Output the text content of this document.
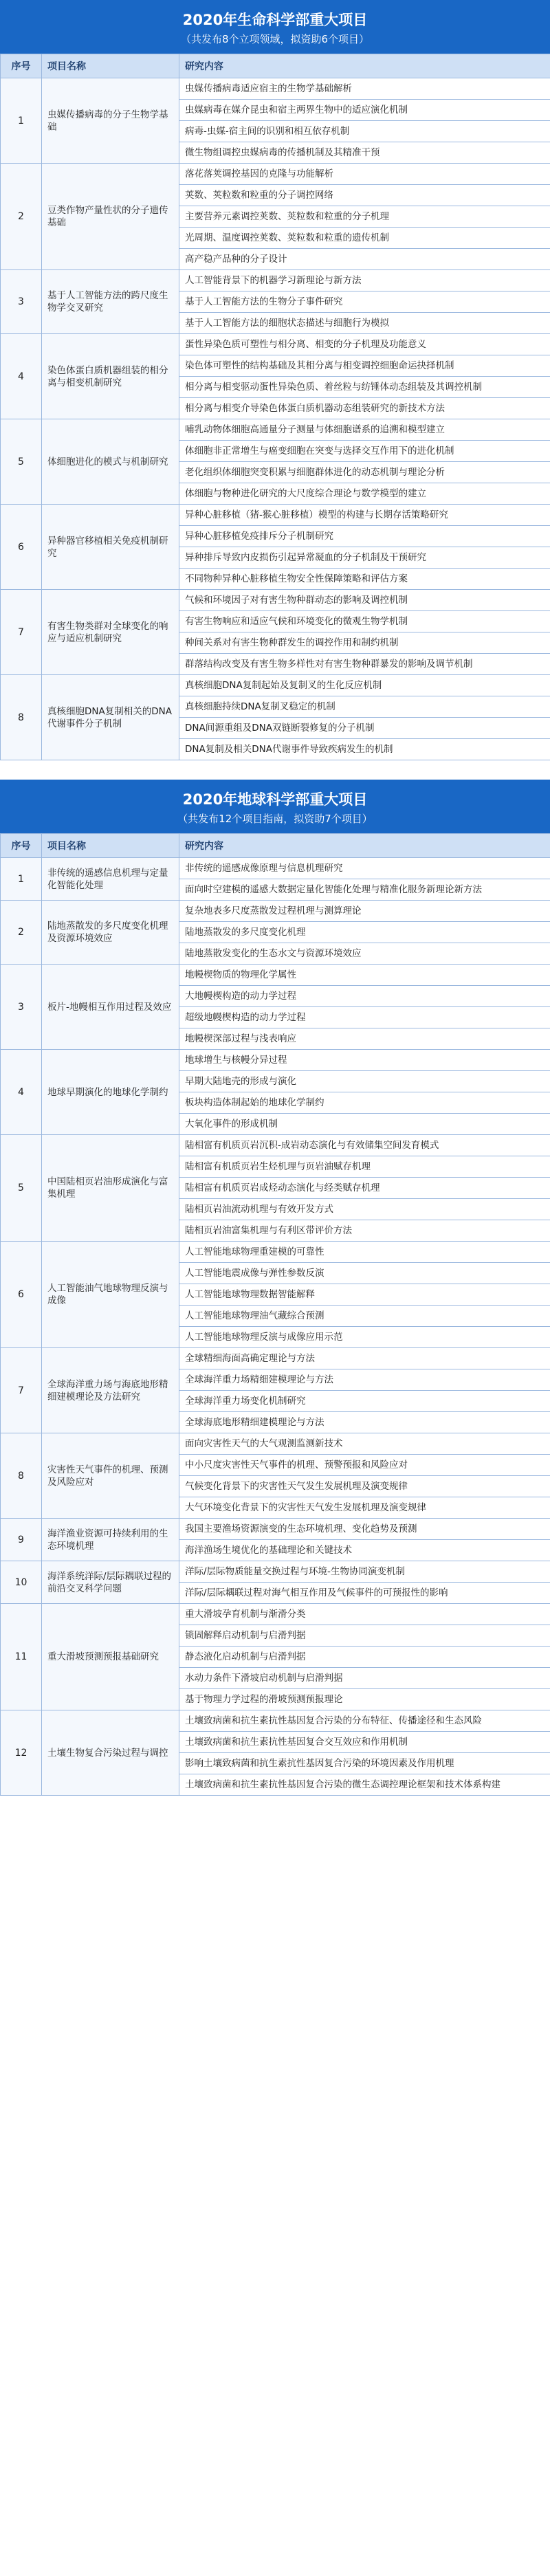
2020年生命科学部重大项目
（共发布8个立项领域，拟资助6个项目）
序号	项目名称	研究内容
1	虫媒传播病毒的分子生物学基础	虫媒传播病毒适应宿主的生物学基础解析
		虫媒病毒在媒介昆虫和宿主两界生物中的适应演化机制
		病毒-虫媒-宿主间的识别和相互依存机制
		微生物组调控虫媒病毒的传播机制及其精准干预
2	豆类作物产量性状的分子遗传基础	落花落荚调控基因的克隆与功能解析
		荚数、荚粒数和粒重的分子调控网络
		主要营养元素调控荚数、荚粒数和粒重的分子机理
		光周期、温度调控荚数、荚粒数和粒重的遗传机制
		高产稳产品种的分子设计
3	基于人工智能方法的跨尺度生物学交叉研究	人工智能背景下的机器学习新理论与新方法
		基于人工智能方法的生物分子事件研究
		基于人工智能方法的细胞状态描述与细胞行为模拟
4	染色体蛋白质机器组装的相分离与相变机制研究	蛋性异染色质可塑性与相分离、相变的分子机理及功能意义
		染色体可塑性的结构基础及其相分离与相变调控细胞命运抉择机制
		相分离与相变驱动蛋性异染色质、着丝粒与纺锤体动态组装及其调控机制
		相分离与相变介导染色体蛋白质机器动态组装研究的新技术方法
5	体细胞进化的模式与机制研究	哺乳动物体细胞高通量分子测量与体细胞谱系的追溯和模型建立
		体细胞非正常增生与癌变细胞在突变与选择交互作用下的进化机制
		老化组织体细胞突变积累与细胞群体进化的动态机制与理论分析
		体细胞与物种进化研究的大尺度综合理论与数学模型的建立
6	异种器官移植相关免疫机制研究	异种心脏移植（猪-猴心脏移植）模型的构建与长期存活策略研究
		异种心脏移植免疫排斥分子机制研究
		异种排斥导致内皮损伤引起异常凝血的分子机制及干预研究
		不同物种异种心脏移植生物安全性保障策略和评估方案
7	有害生物类群对全球变化的响应与适应机制研究	气候和环境因子对有害生物种群动态的影响及调控机制
		有害生物响应和适应气候和环境变化的微观生物学机制
		种间关系对有害生物种群发生的调控作用和制约机制
		群落结构改变及有害生物多样性对有害生物种群暴发的影响及调节机制
8	真核细胞DNA复制相关的DNA代谢事件分子机制	真核细胞DNA复制起始及复制叉的生化反应机制
		真核细胞持续DNA复制叉稳定的机制
		DNA间源重组及DNA双链断裂修复的分子机制
		DNA复制及相关DNA代谢事件导致疾病发生的机制
2020年地球科学部重大项目
（共发布12个项目指南，拟资助7个项目）
序号	项目名称	研究内容
1	非传统的遥感信息机理与定量化智能化处理	非传统的遥感成像原理与信息机理研究
		面向时空建模的遥感大数据定量化智能化处理与精准化服务新理论新方法
2	陆地蒸散发的多尺度变化机理及资源环境效应	复杂地表多尺度蒸散发过程机理与测算理论
		陆地蒸散发的多尺度变化机理
		陆地蒸散发变化的生态水文与资源环境效应
3	板片-地幔相互作用过程及效应	地幔楔物质的物理化学属性
		大地幔楔构造的动力学过程
		超级地幔楔构造的动力学过程
		地幔楔深部过程与浅表响应
4	地球早期演化的地球化学制约	地球增生与核幔分异过程
		早期大陆地壳的形成与演化
		板块构造体制起始的地球化学制约
		大氧化事件的形成机制
5	中国陆相页岩油形成演化与富集机理	陆相富有机质页岩沉积-成岩动态演化与有效储集空间发育模式
		陆相富有机质页岩生烃机理与页岩油赋存机理
		陆相富有机质页岩成烃动态演化与经类赋存机理
		陆相页岩油流动机理与有效开发方式
		陆相页岩油富集机理与有利区带评价方法
6	人工智能油气地球物理反演与成像	人工智能地球物理重建模的可靠性
		人工智能地震成像与弹性参数反演
		人工智能地球物理数据智能解释
		人工智能地球物理油气藏综合预测
		人工智能地球物理反演与成像应用示范
7	全球海洋重力场与海底地形精细建模理论及方法研究	全球精细海面高确定理论与方法
		全球海洋重力场精细建模理论与方法
		全球海洋重力场变化机制研究
		全球海底地形精细建模理论与方法
8	灾害性天气事件的机理、预测及风险应对	面向灾害性天气的大气观测监测新技术
		中小尺度灾害性天气事件的机理、预警预报和风险应对
		气候变化背景下的灾害性天气发生发展机理及演变规律
		大气环境变化背景下的灾害性天气发生发展机理及演变规律
9	海洋渔业资源可持续利用的生态环境机理	我国主要渔场资源演变的生态环境机理、变化趋势及预测
		海洋渔场生境优化的基础理论和关键技术
10	海洋系统洋际/层际耦联过程的前沿交叉科学问题	洋际/层际物质能量交换过程与环境-生物协同演变机制
		洋际/层际耦联过程对海气相互作用及气候事件的可预报性的影响
11	重大滑坡预测预报基础研究	重大滑坡孕育机制与渐滑分类
		锁固解释启动机制与启滑判据
		静态液化启动机制与启滑判据
		水动力条件下滑坡启动机制与启滑判据
		基于物理力学过程的滑坡预测预报理论
12	土壤生物复合污染过程与调控	土壤致病菌和抗生素抗性基因复合污染的分布特征、传播途径和生态风险
		土壤致病菌和抗生素抗性基因复合交互效应和作用机制
		影响土壤致病菌和抗生素抗性基因复合污染的环境因素及作用机理
		土壤致病菌和抗生素抗性基因复合污染的微生态调控理论框架和技术体系构建
